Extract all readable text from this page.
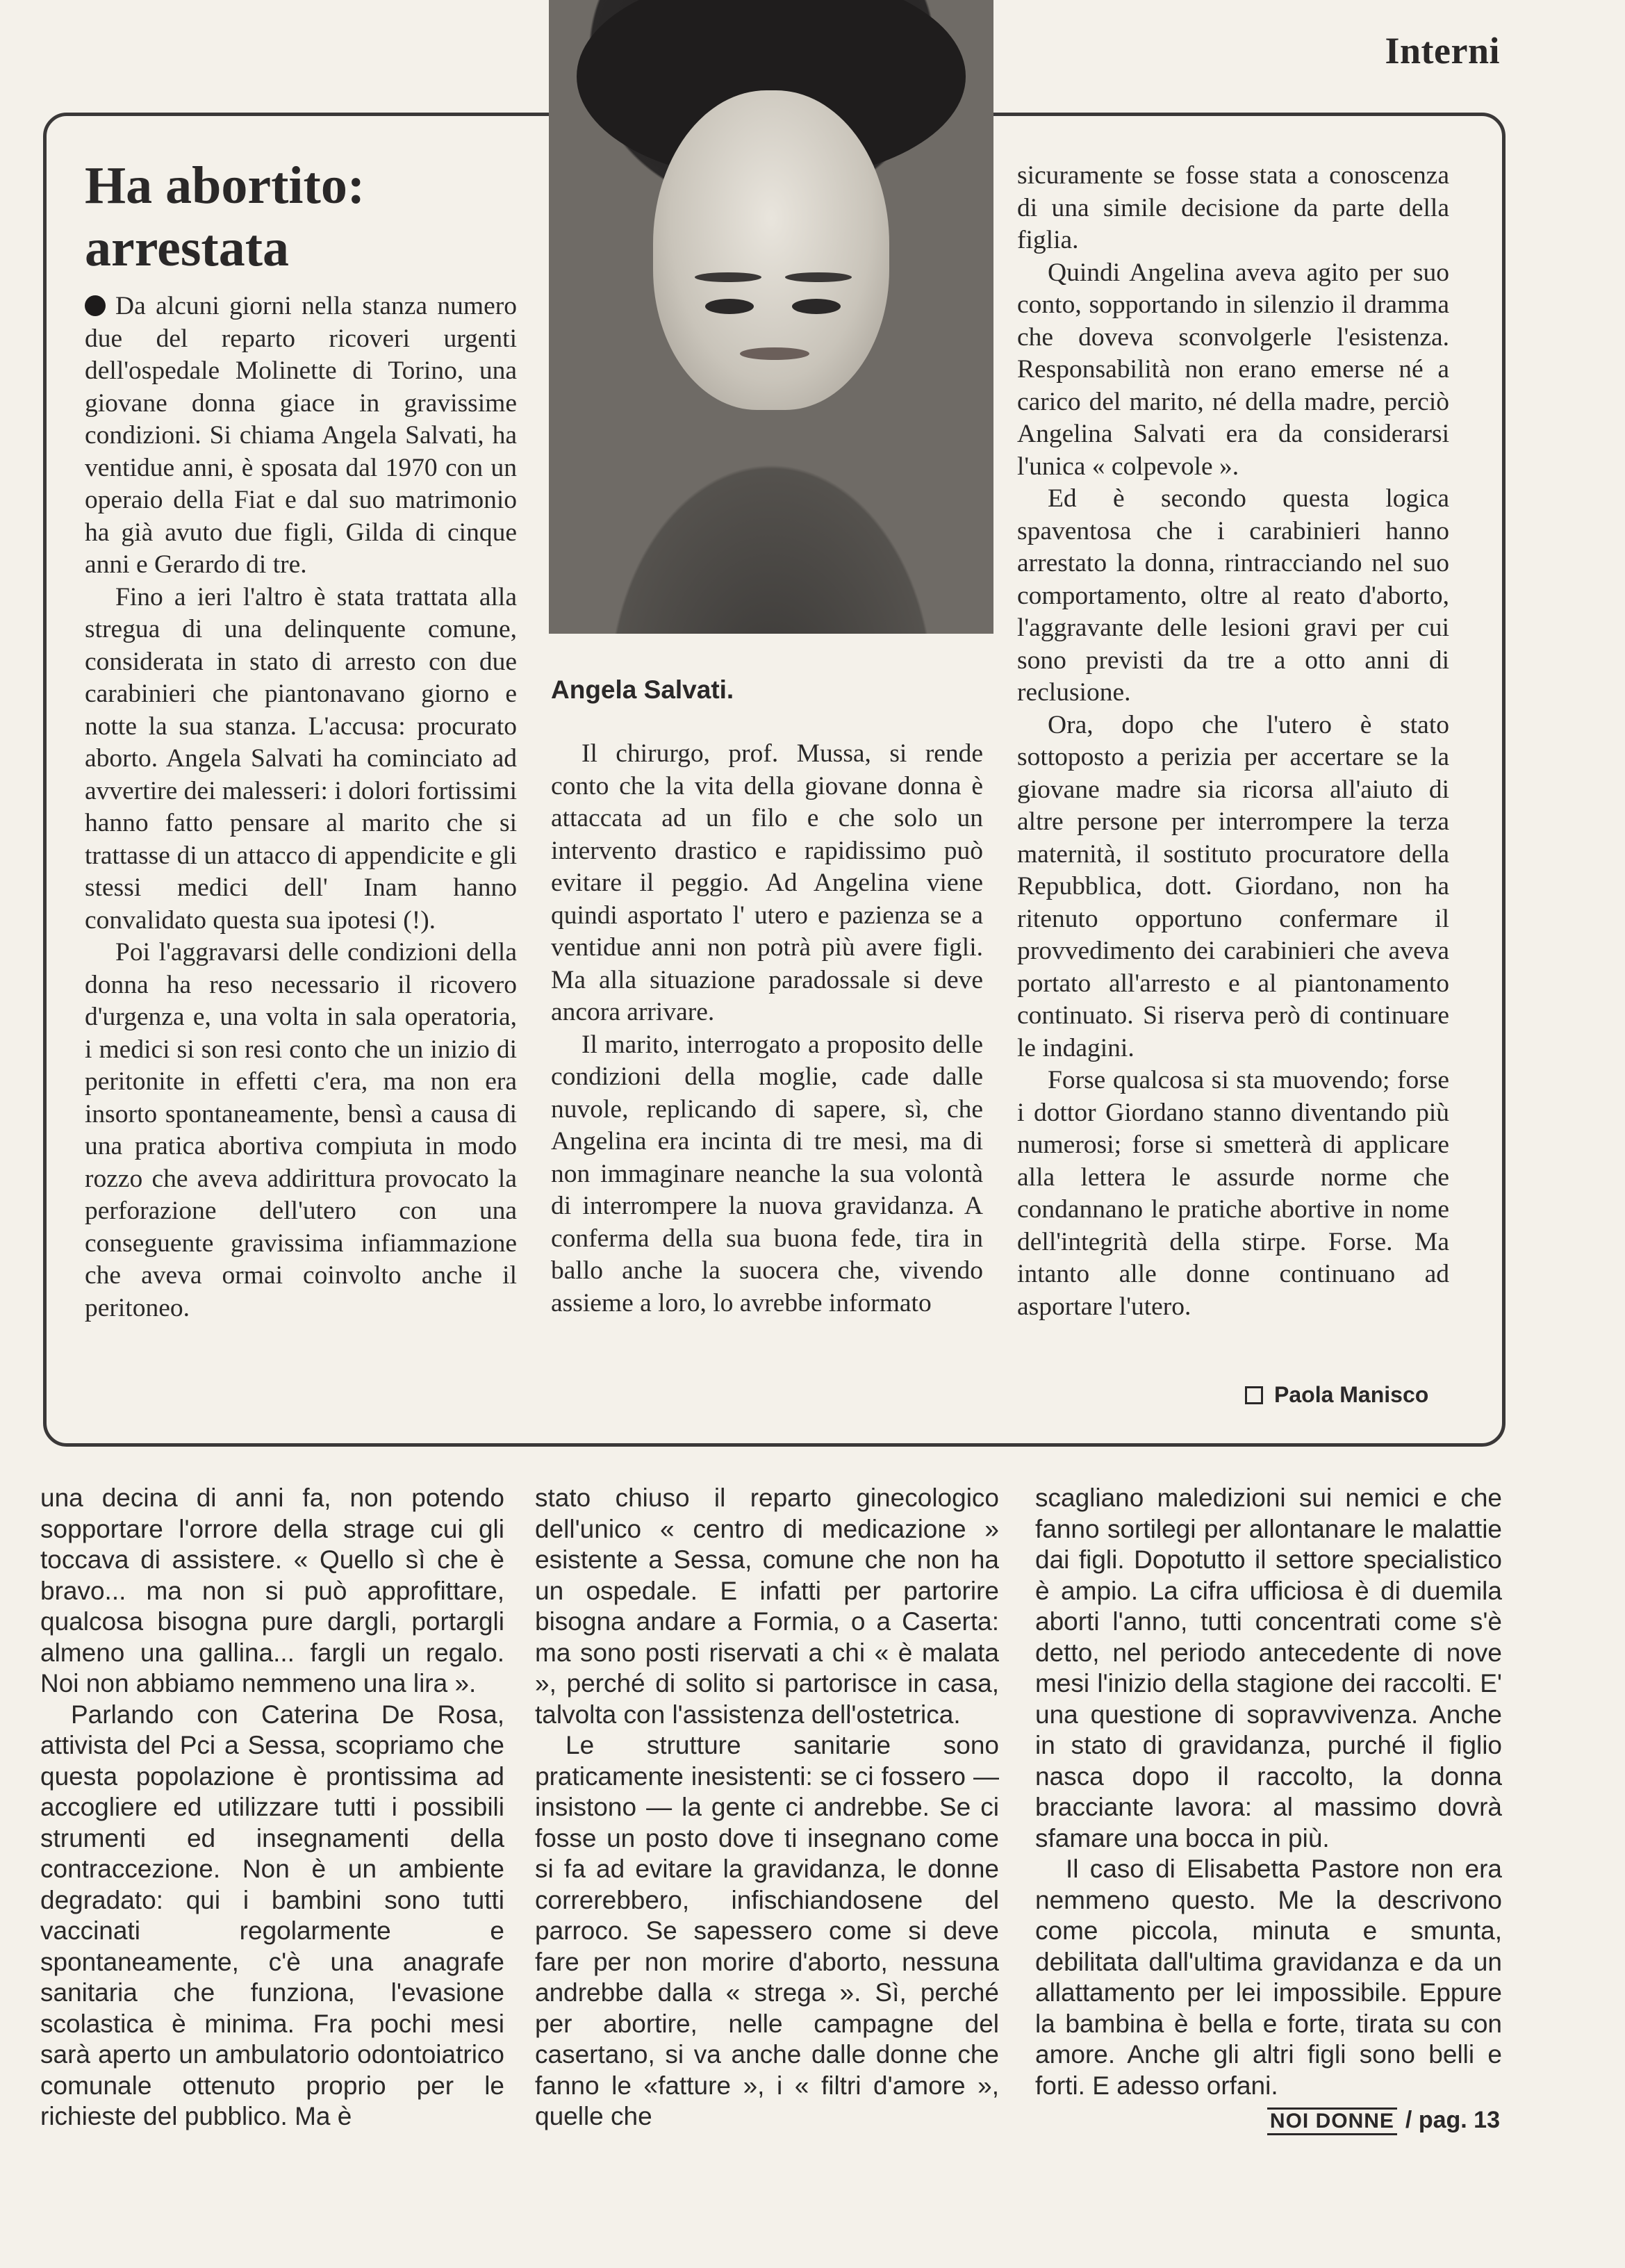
Interni
Angela Salvati.
Ha abortito:
arrestata

Da alcuni giorni nella stanza numero due del reparto ricoveri urgenti dell'ospedale Molinette di Torino, una giovane donna giace in gravissime condizioni. Si chiama Angela Salvati, ha ventidue anni, è sposata dal 1970 con un operaio della Fiat e dal suo matrimonio ha già avuto due figli, Gilda di cinque anni e Gerardo di tre.

Fino a ieri l'altro è stata trattata alla stregua di una delinquente comune, considerata in stato di arresto con due carabinieri che piantonavano giorno e notte la sua stanza. L'accusa: procurato aborto. Angela Salvati ha cominciato ad avvertire dei malesseri: i dolori fortissimi hanno fatto pensare al marito che si trattasse di un attacco di appendicite e gli stessi medici dell' Inam hanno convalidato questa sua ipotesi (!).

Poi l'aggravarsi delle condizioni della donna ha reso necessario il ricovero d'urgenza e, una volta in sala operatoria, i medici si son resi conto che un inizio di peritonite in effetti c'era, ma non era insorto spontaneamente, bensì a causa di una pratica abortiva compiuta in modo rozzo che aveva addirittura provocato la perforazione dell'utero con una conseguente gravissima infiammazione che aveva ormai coinvolto anche il peritoneo.

Il chirurgo, prof. Mussa, si rende conto che la vita della giovane donna è attaccata ad un filo e che solo un intervento drastico e rapidissimo può evitare il peggio. Ad Angelina viene quindi asportato l' utero e pazienza se a ventidue anni non potrà più avere figli. Ma alla situazione paradossale si deve ancora arrivare.

Il marito, interrogato a proposito delle condizioni della moglie, cade dalle nuvole, replicando di sapere, sì, che Angelina era incinta di tre mesi, ma di non immaginare neanche la sua volontà di interrompere la nuova gravidanza. A conferma della sua buona fede, tira in ballo anche la suocera che, vivendo assieme a loro, lo avrebbe informato

sicuramente se fosse stata a conoscenza di una simile decisione da parte della figlia.

Quindi Angelina aveva agito per suo conto, sopportando in silenzio il dramma che doveva sconvolgerle l'esistenza. Responsabilità non erano emerse né a carico del marito, né della madre, perciò Angelina Salvati era da considerarsi l'unica « colpevole ».

Ed è secondo questa logica spaventosa che i carabinieri hanno arrestato la donna, rintracciando nel suo comportamento, oltre al reato d'aborto, l'aggravante delle lesioni gravi per cui sono previsti da tre a otto anni di reclusione.

Ora, dopo che l'utero è stato sottoposto a perizia per accertare se la giovane madre sia ricorsa all'aiuto di altre persone per interrompere la terza maternità, il sostituto procuratore della Repubblica, dott. Giordano, non ha ritenuto opportuno confermare il provvedimento dei carabinieri che aveva portato all'arresto e al piantonamento continuato. Si riserva però di continuare le indagini.

Forse qualcosa si sta muovendo; forse i dottor Giordano stanno diventando più numerosi; forse si smetterà di applicare alla lettera le assurde norme che condannano le pratiche abortive in nome dell'integrità della stirpe. Forse. Ma intanto alle donne continuano ad asportare l'utero.

Paola Manisco

una decina di anni fa, non potendo sopportare l'orrore della strage cui gli toccava di assistere. « Quello sì che è bravo... ma non si può approfittare, qualcosa bisogna pure dargli, portargli almeno una gallina... fargli un regalo. Noi non abbiamo nemmeno una lira ».

Parlando con Caterina De Rosa, attivista del Pci a Sessa, scopriamo che questa popolazione è prontissima ad accogliere ed utilizzare tutti i possibili strumenti ed insegnamenti della contraccezione. Non è un ambiente degradato: qui i bambini sono tutti vaccinati regolarmente e spontaneamente, c'è una anagrafe sanitaria che funziona, l'evasione scolastica è minima. Fra pochi mesi sarà aperto un ambulatorio odontoiatrico comunale ottenuto proprio per le richieste del pubblico. Ma è

stato chiuso il reparto ginecologico dell'unico « centro di medicazione » esistente a Sessa, comune che non ha un ospedale. E infatti per partorire bisogna andare a Formia, o a Caserta: ma sono posti riservati a chi « è malata », perché di solito si partorisce in casa, talvolta con l'assistenza dell'ostetrica.

Le strutture sanitarie sono praticamente inesistenti: se ci fossero — insistono — la gente ci andrebbe. Se ci fosse un posto dove ti insegnano come si fa ad evitare la gravidanza, le donne correrebbero, infischiandosene del parroco. Se sapessero come si deve fare per non morire d'aborto, nessuna andrebbe dalla « strega ». Sì, perché per abortire, nelle campagne del casertano, si va anche dalle donne che fanno le «fatture », i « filtri d'amore », quelle che

scagliano maledizioni sui nemici e che fanno sortilegi per allontanare le malattie dai figli. Dopotutto il settore specialistico è ampio. La cifra ufficiosa è di duemila aborti l'anno, tutti concentrati come s'è detto, nel periodo antecedente di nove mesi l'inizio della stagione dei raccolti. E' una questione di sopravvivenza. Anche in stato di gravidanza, purché il figlio nasca dopo il raccolto, la donna bracciante lavora: al massimo dovrà sfamare una bocca in più.

Il caso di Elisabetta Pastore non era nemmeno questo. Me la descrivono come piccola, minuta e smunta, debilitata dall'ultima gravidanza e da un allattamento per lei impossibile. Eppure la bambina è bella e forte, tirata su con amore. Anche gli altri figli sono belli e forti. E adesso orfani.

NOI DONNE / pag. 13
